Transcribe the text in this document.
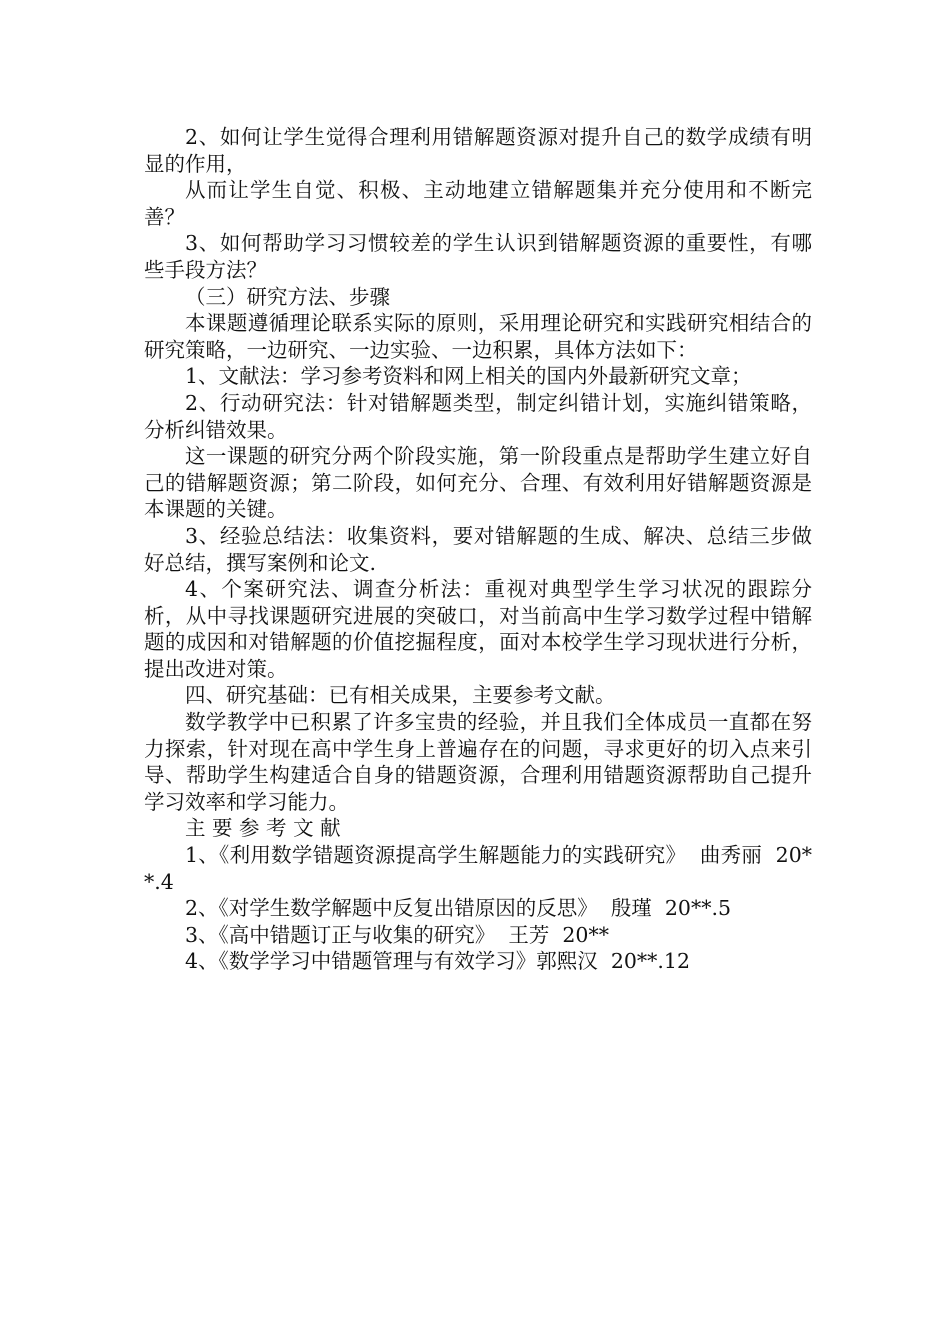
2、如何让学生觉得合理利用错解题资源对提升自己的数学成绩有明显的作用，

从而让学生自觉、积极、主动地建立错解题集并充分使用和不断完善？

3、如何帮助学习习惯较差的学生认识到错解题资源的重要性，有哪些手段方法？

（三）研究方法、步骤

本课题遵循理论联系实际的原则，采用理论研究和实践研究相结合的研究策略，一边研究、一边实验、一边积累，具体方法如下：

1、文献法：学习参考资料和网上相关的国内外最新研究文章；

2、行动研究法：针对错解题类型，制定纠错计划，实施纠错策略，分析纠错效果。

这一课题的研究分两个阶段实施，第一阶段重点是帮助学生建立好自己的错解题资源；第二阶段，如何充分、合理、有效利用好错解题资源是本课题的关键。

3、经验总结法：收集资料，要对错解题的生成、解决、总结三步做好总结，撰写案例和论文.

4、个案研究法、调查分析法：重视对典型学生学习状况的跟踪分析，从中寻找课题研究进展的突破口，对当前高中生学习数学过程中错解题的成因和对错解题的价值挖掘程度，面对本校学生学习现状进行分析，提出改进对策。

四、研究基础：已有相关成果，主要参考文献。

数学教学中已积累了许多宝贵的经验，并且我们全体成员一直都在努力探索，针对现在高中学生身上普遍存在的问题，寻求更好的切入点来引导、帮助学生构建适合自身的错题资源，合理利用错题资源帮助自己提升学习效率和学习能力。

主 要 参 考 文 献

1、《利用数学错题资源提高学生解题能力的实践研究》  曲秀丽  20**.4

2、《对学生数学解题中反复出错原因的反思》  殷瑾  20**.5

3、《高中错题订正与收集的研究》  王芳  20**

4、《数学学习中错题管理与有效学习》郭熙汉  20**.12
